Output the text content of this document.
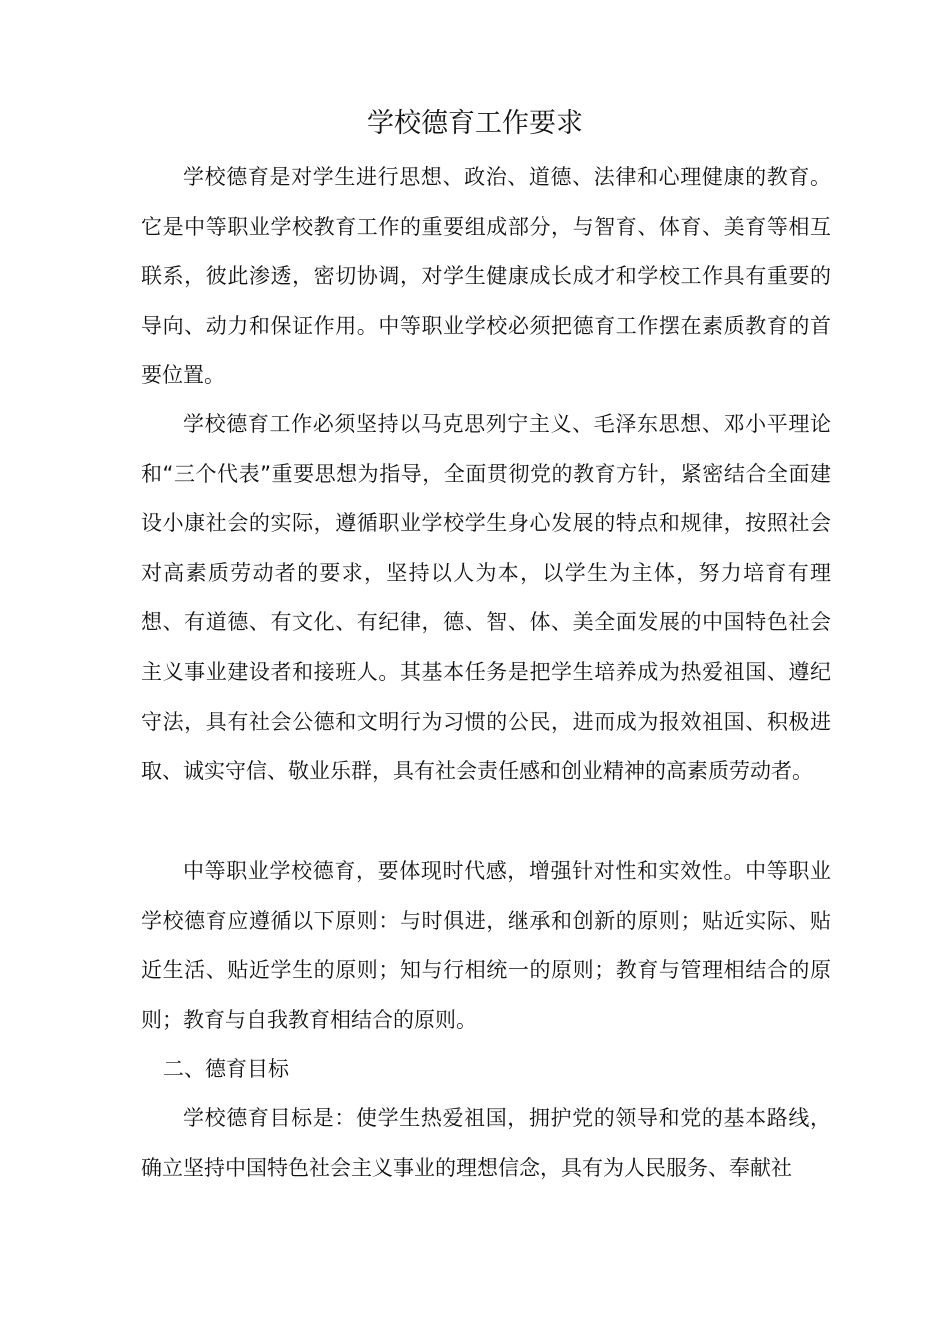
学校德育工作要求

学校德育是对学生进行思想、政治、道德、法律和心理健康的教育。它是中等职业学校教育工作的重要组成部分，与智育、体育、美育等相互联系，彼此渗透，密切协调，对学生健康成长成才和学校工作具有重要的导向、动力和保证作用。中等职业学校必须把德育工作摆在素质教育的首要位置。

学校德育工作必须坚持以马克思列宁主义、毛泽东思想、邓小平理论和“三个代表”重要思想为指导，全面贯彻党的教育方针，紧密结合全面建设小康社会的实际，遵循职业学校学生身心发展的特点和规律，按照社会对高素质劳动者的要求，坚持以人为本，以学生为主体，努力培育有理想、有道德、有文化、有纪律，德、智、体、美全面发展的中国特色社会主义事业建设者和接班人。其基本任务是把学生培养成为热爱祖国、遵纪守法，具有社会公德和文明行为习惯的公民，进而成为报效祖国、积极进取、诚实守信、敬业乐群，具有社会责任感和创业精神的高素质劳动者。

中等职业学校德育，要体现时代感，增强针对性和实效性。中等职业学校德育应遵循以下原则：与时俱进，继承和创新的原则；贴近实际、贴近生活、贴近学生的原则；知与行相统一的原则；教育与管理相结合的原则；教育与自我教育相结合的原则。

二、德育目标

学校德育目标是：使学生热爱祖国，拥护党的领导和党的基本路线，确立坚持中国特色社会主义事业的理想信念，具有为人民服务、奉献社
